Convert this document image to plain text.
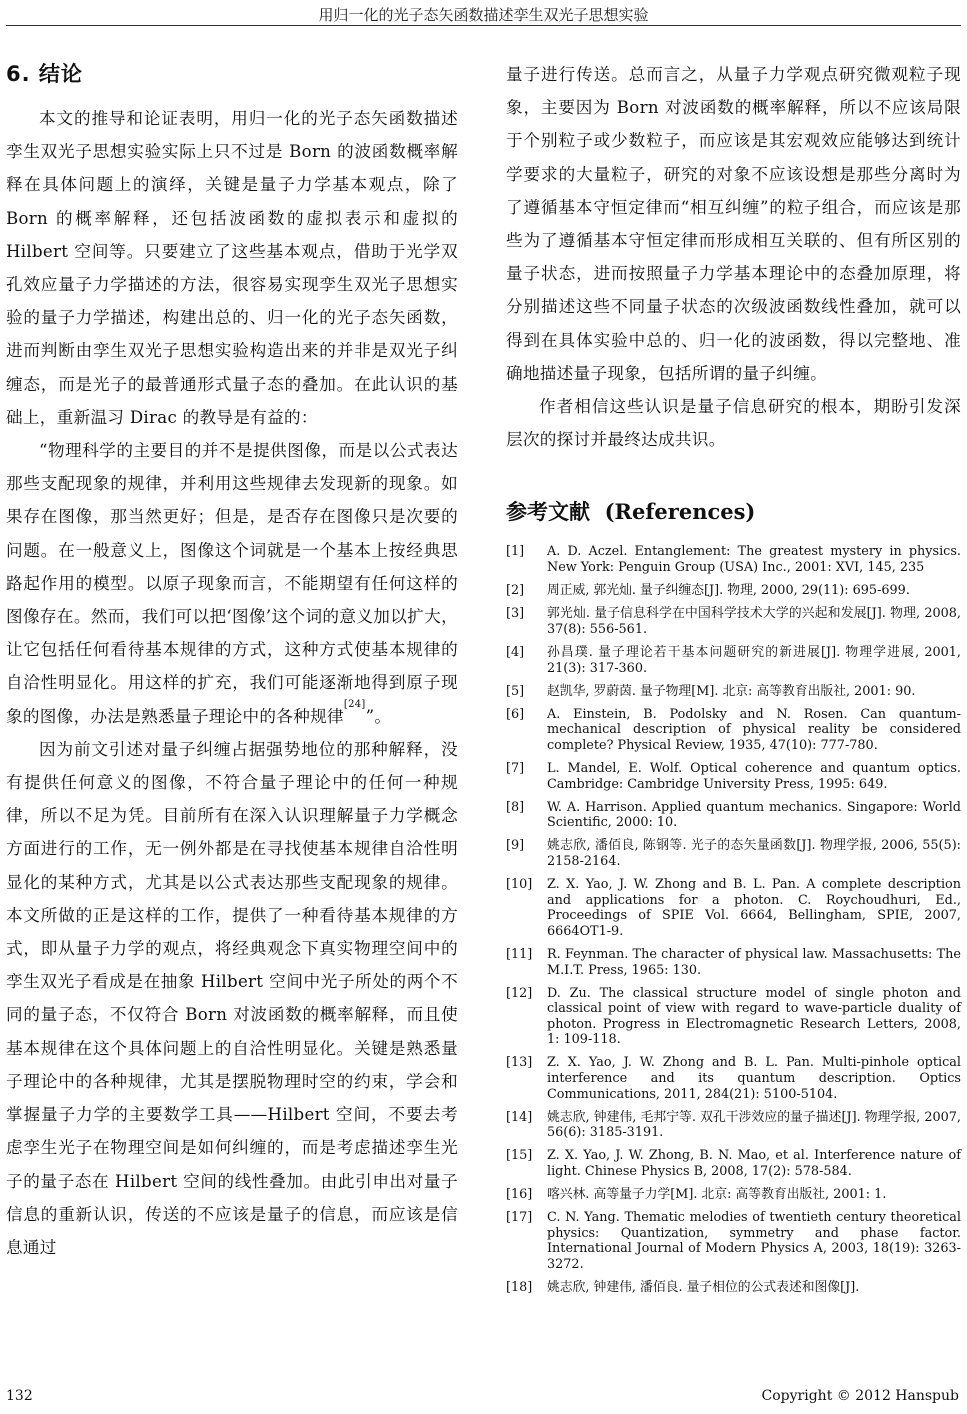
用归一化的光子态矢函数描述孪生双光子思想实验
6. 结论

本文的推导和论证表明，用归一化的光子态矢函数描述孪生双光子思想实验实际上只不过是 Born 的波函数概率解释在具体问题上的演绎，关键是量子力学基本观点，除了 Born 的概率解释，还包括波函数的虚拟表示和虚拟的 Hilbert 空间等。只要建立了这些基本观点，借助于光学双孔效应量子力学描述的方法，很容易实现孪生双光子思想实验的量子力学描述，构建出总的、归一化的光子态矢函数，进而判断由孪生双光子思想实验构造出来的并非是双光子纠缠态，而是光子的最普通形式量子态的叠加。在此认识的基础上，重新温习 Dirac 的教导是有益的：

“物理科学的主要目的并不是提供图像，而是以公式表达那些支配现象的规律，并利用这些规律去发现新的现象。如果存在图像，那当然更好；但是，是否存在图像只是次要的问题。在一般意义上，图像这个词就是一个基本上按经典思路起作用的模型。以原子现象而言，不能期望有任何这样的图像存在。然而，我们可以把‘图像’这个词的意义加以扩大，让它包括任何看待基本规律的方式，这种方式使基本规律的自洽性明显化。用这样的扩充，我们可能逐渐地得到原子现象的图像，办法是熟悉量子理论中的各种规律[24]”。

因为前文引述对量子纠缠占据强势地位的那种解释，没有提供任何意义的图像，不符合量子理论中的任何一种规律，所以不足为凭。目前所有在深入认识理解量子力学概念方面进行的工作，无一例外都是在寻找使基本规律自洽性明显化的某种方式，尤其是以公式表达那些支配现象的规律。本文所做的正是这样的工作，提供了一种看待基本规律的方式，即从量子力学的观点，将经典观念下真实物理空间中的孪生双光子看成是在抽象 Hilbert 空间中光子所处的两个不同的量子态，不仅符合 Born 对波函数的概率解释，而且使基本规律在这个具体问题上的自洽性明显化。关键是熟悉量子理论中的各种规律，尤其是摆脱物理时空的约束，学会和掌握量子力学的主要数学工具——Hilbert 空间，不要去考虑孪生光子在物理空间是如何纠缠的，而是考虑描述孪生光子的量子态在 Hilbert 空间的线性叠加。由此引申出对量子信息的重新认识，传送的不应该是量子的信息，而应该是信息通过

量子进行传送。总而言之，从量子力学观点研究微观粒子现象，主要因为 Born 对波函数的概率解释，所以不应该局限于个别粒子或少数粒子，而应该是其宏观效应能够达到统计学要求的大量粒子，研究的对象不应该设想是那些分离时为了遵循基本守恒定律而“相互纠缠”的粒子组合，而应该是那些为了遵循基本守恒定律而形成相互关联的、但有所区别的量子状态，进而按照量子力学基本理论中的态叠加原理，将分别描述这些不同量子状态的次级波函数线性叠加，就可以得到在具体实验中总的、归一化的波函数，得以完整地、准确地描述量子现象，包括所谓的量子纠缠。

作者相信这些认识是量子信息研究的根本，期盼引发深层次的探讨并最终达成共识。

参考文献 (References)
[1] A. D. Aczel. Entanglement: The greatest mystery in physics. New York: Penguin Group (USA) Inc., 2001: XVI, 145, 235
[2] 周正威, 郭光灿. 量子纠缠态[J]. 物理, 2000, 29(11): 695-699.
[3] 郭光灿. 量子信息科学在中国科学技术大学的兴起和发展[J]. 物理, 2008, 37(8): 556-561.
[4] 孙昌璞. 量子理论若干基本问题研究的新进展[J]. 物理学进展, 2001, 21(3): 317-360.
[5] 赵凯华, 罗蔚茵. 量子物理[M]. 北京: 高等教育出版社, 2001: 90.
[6] A. Einstein, B. Podolsky and N. Rosen. Can quantum-mechanical description of physical reality be considered complete? Physical Review, 1935, 47(10): 777-780.
[7] L. Mandel, E. Wolf. Optical coherence and quantum optics. Cambridge: Cambridge University Press, 1995: 649.
[8] W. A. Harrison. Applied quantum mechanics. Singapore: World Scientific, 2000: 10.
[9] 姚志欣, 潘佰良, 陈钢等. 光子的态矢量函数[J]. 物理学报, 2006, 55(5): 2158-2164.
[10] Z. X. Yao, J. W. Zhong and B. L. Pan. A complete description and applications for a photon. C. Roychoudhuri, Ed., Proceedings of SPIE Vol. 6664, Bellingham, SPIE, 2007, 6664OT1-9.
[11] R. Feynman. The character of physical law. Massachusetts: The M.I.T. Press, 1965: 130.
[12] D. Zu. The classical structure model of single photon and classical point of view with regard to wave-particle duality of photon. Progress in Electromagnetic Research Letters, 2008, 1: 109-118.
[13] Z. X. Yao, J. W. Zhong and B. L. Pan. Multi-pinhole optical interference and its quantum description. Optics Communications, 2011, 284(21): 5100-5104.
[14] 姚志欣, 钟建伟, 毛邦宁等. 双孔干涉效应的量子描述[J]. 物理学报, 2007, 56(6): 3185-3191.
[15] Z. X. Yao, J. W. Zhong, B. N. Mao, et al. Interference nature of light. Chinese Physics B, 2008, 17(2): 578-584.
[16] 喀兴林. 高等量子力学[M]. 北京: 高等教育出版社, 2001: 1.
[17] C. N. Yang. Thematic melodies of twentieth century theoretical physics: Quantization, symmetry and phase factor. International Journal of Modern Physics A, 2003, 18(19): 3263-3272.
[18] 姚志欣, 钟建伟, 潘佰良. 量子相位的公式表述和图像[J].
132	Copyright © 2012 Hanspub
